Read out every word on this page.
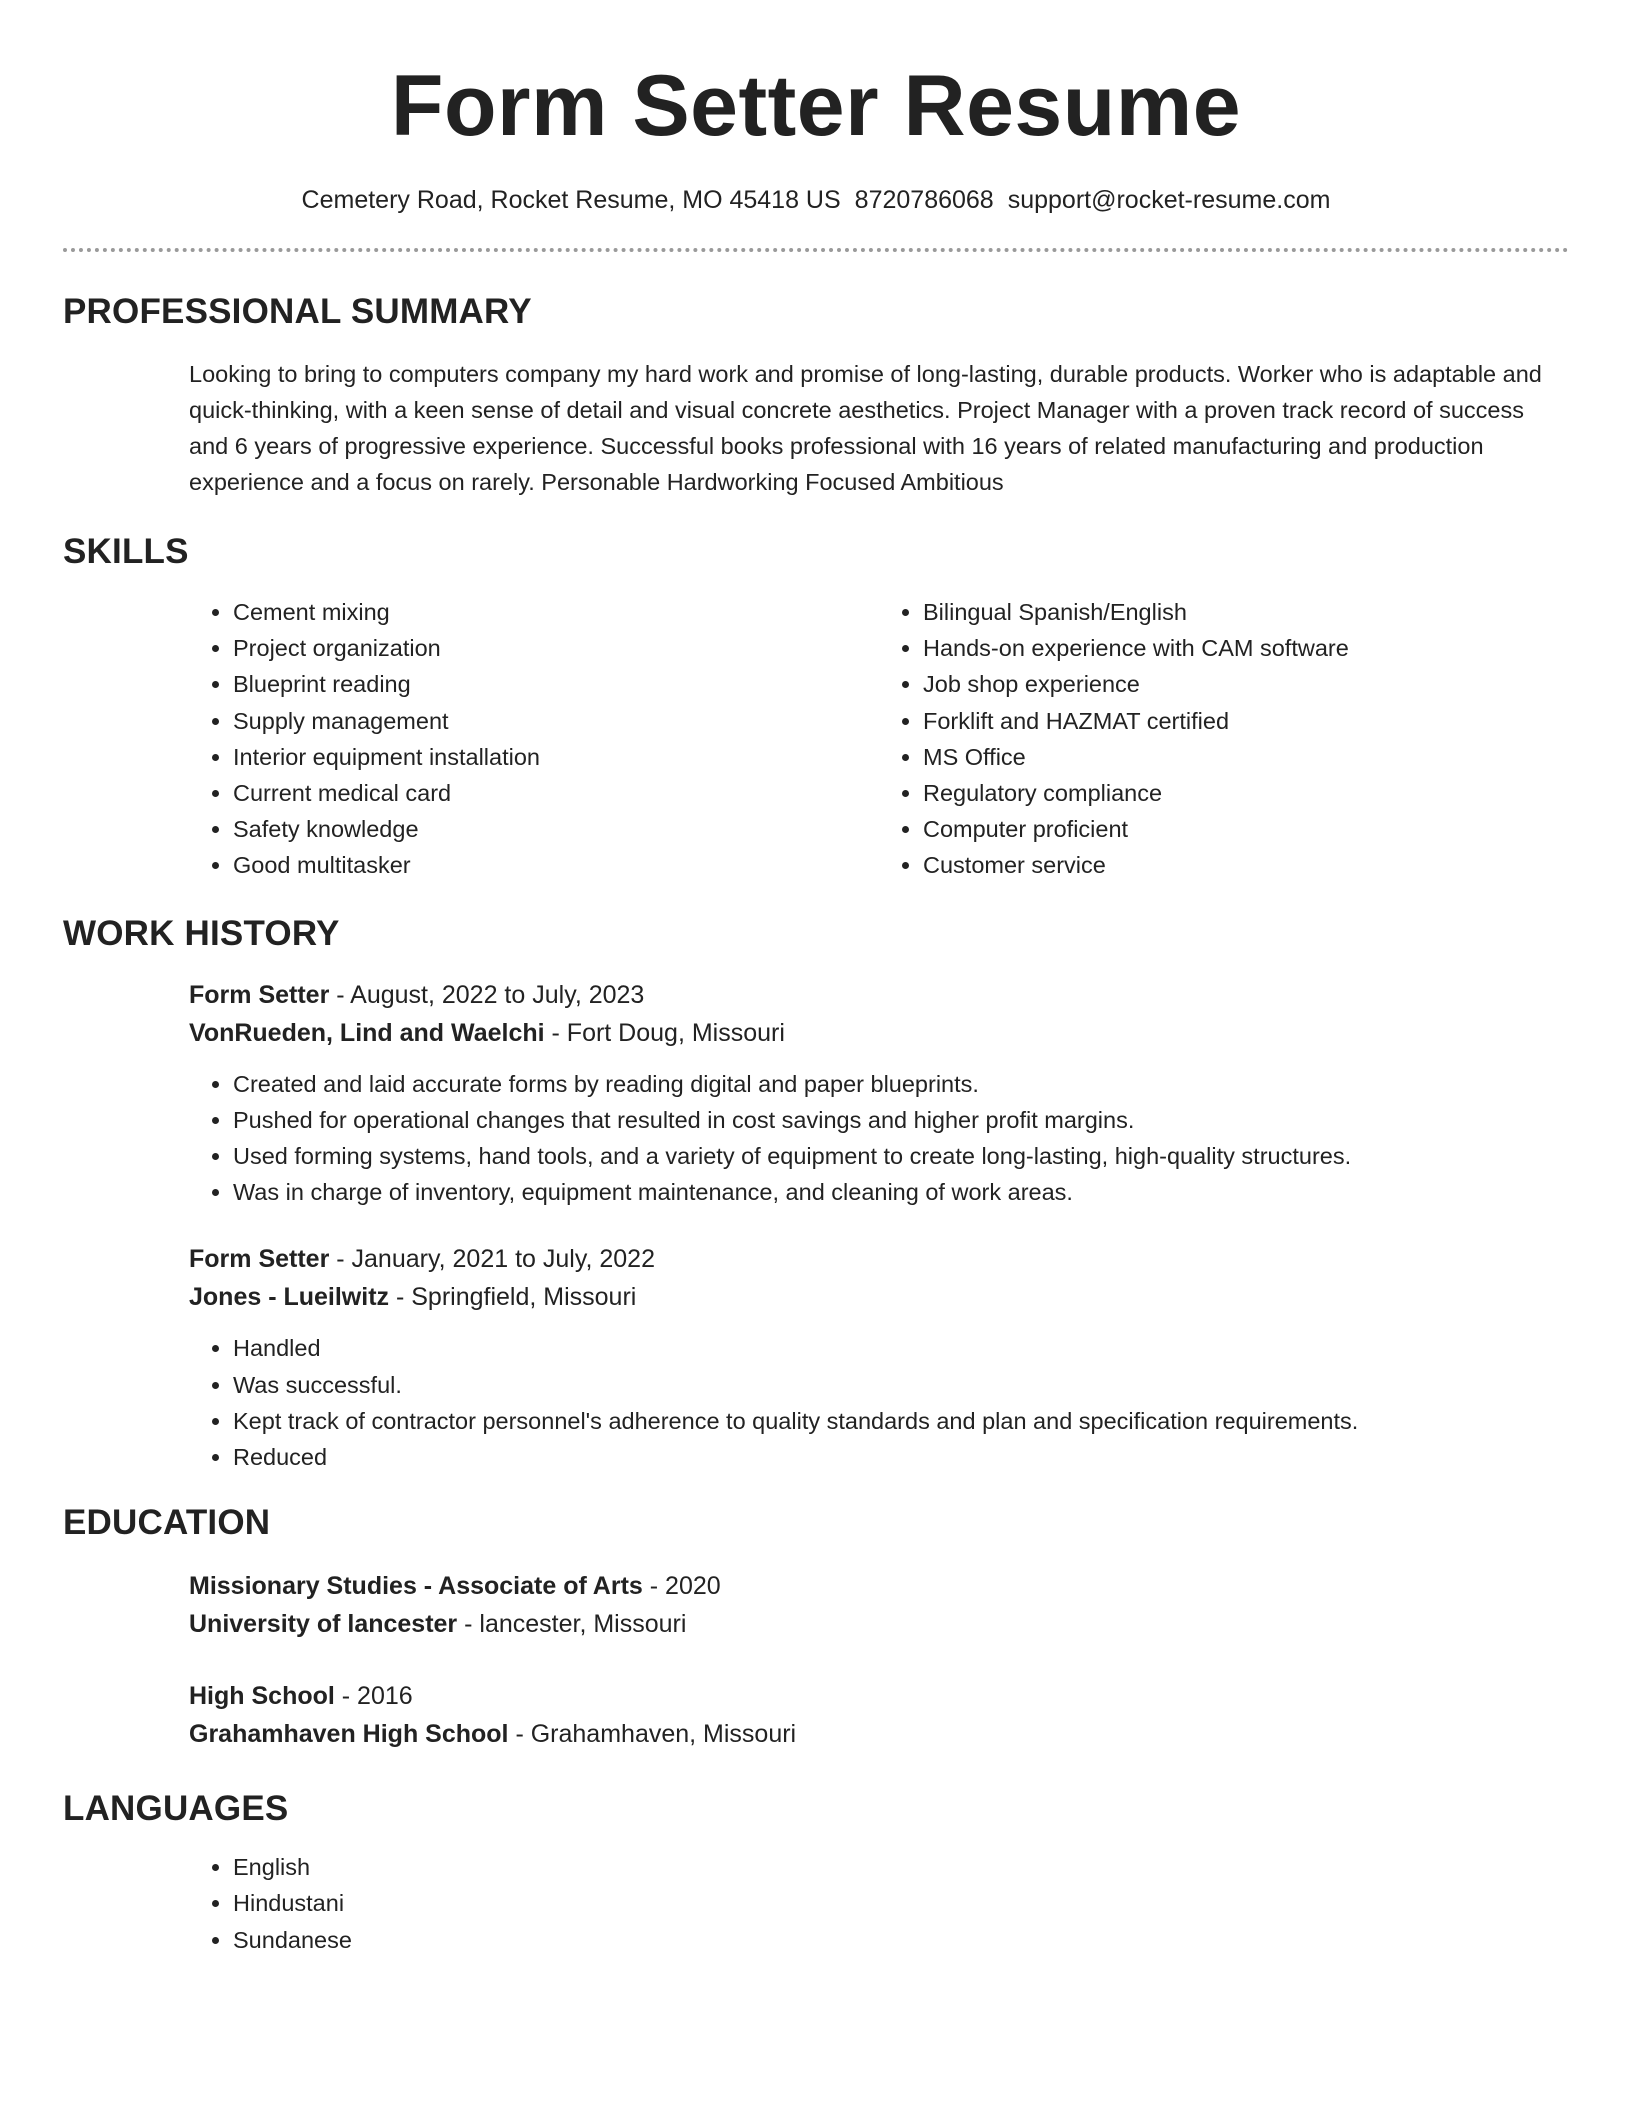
Form Setter Resume
Cemetery Road, Rocket Resume, MO 45418 US 8720786068 support@rocket-resume.com
PROFESSIONAL SUMMARY
Looking to bring to computers company my hard work and promise of long-lasting, durable products. Worker who is adaptable and quick-thinking, with a keen sense of detail and visual concrete aesthetics. Project Manager with a proven track record of success and 6 years of progressive experience. Successful books professional with 16 years of related manufacturing and production experience and a focus on rarely. Personable Hardworking Focused Ambitious
SKILLS
• Cement mixing
• Project organization
• Blueprint reading
• Supply management
• Interior equipment installation
• Current medical card
• Safety knowledge
• Good multitasker
• Bilingual Spanish/English
• Hands-on experience with CAM software
• Job shop experience
• Forklift and HAZMAT certified
• MS Office
• Regulatory compliance
• Computer proficient
• Customer service
WORK HISTORY
Form Setter - August, 2022 to July, 2023
VonRueden, Lind and Waelchi - Fort Doug, Missouri
• Created and laid accurate forms by reading digital and paper blueprints.
• Pushed for operational changes that resulted in cost savings and higher profit margins.
• Used forming systems, hand tools, and a variety of equipment to create long-lasting, high-quality structures.
• Was in charge of inventory, equipment maintenance, and cleaning of work areas.
Form Setter - January, 2021 to July, 2022
Jones - Lueilwitz - Springfield, Missouri
• Handled
• Was successful.
• Kept track of contractor personnel's adherence to quality standards and plan and specification requirements.
• Reduced
EDUCATION
Missionary Studies - Associate of Arts - 2020
University of lancester - lancester, Missouri
High School - 2016
Grahamhaven High School - Grahamhaven, Missouri
LANGUAGES
• English
• Hindustani
• Sundanese
